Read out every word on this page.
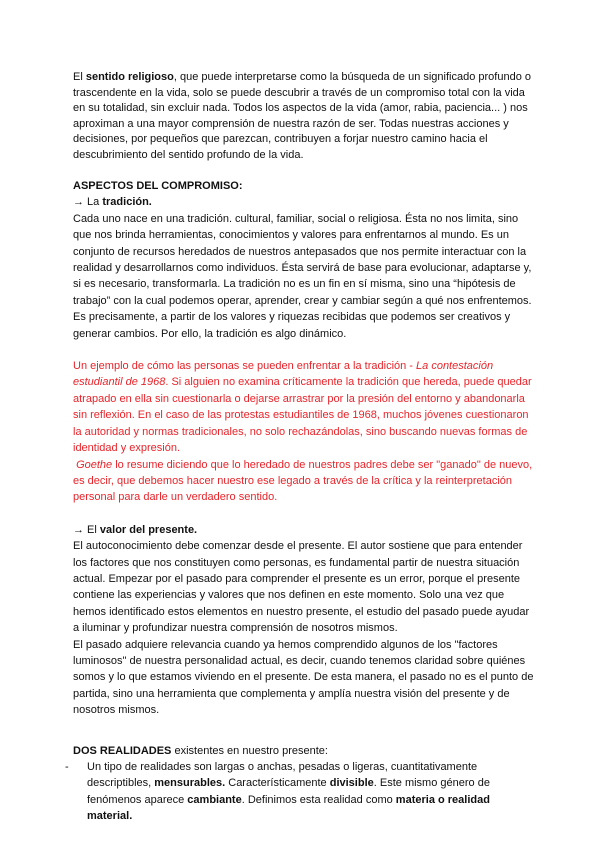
El sentido religioso, que puede interpretarse como la búsqueda de un significado profundo o trascendente en la vida, solo se puede descubrir a través de un compromiso total con la vida en su totalidad, sin excluir nada. Todos los aspectos de la vida (amor, rabia, paciencia... ) nos aproximan a una mayor comprensión de nuestra razón de ser. Todas nuestras acciones y decisiones, por pequeños que parezcan, contribuyen a forjar nuestro camino hacia el descubrimiento del sentido profundo de la vida.

ASPECTOS DEL COMPROMISO:
→ La tradición.

Cada uno nace en una tradición. cultural, familiar, social o religiosa. Ésta no nos limita, sino que nos brinda herramientas, conocimientos y valores para enfrentarnos al mundo. Es un conjunto de recursos heredados de nuestros antepasados que nos permite interactuar con la realidad y desarrollarnos como individuos. Ésta servirá de base para evolucionar, adaptarse y, si es necesario, transformarla. La tradición no es un fin en sí misma, sino una “hipótesis de trabajo” con la cual podemos operar, aprender, crear y cambiar según a qué nos enfrentemos. Es precisamente, a partir de los valores y riquezas recibidas que podemos ser creativos y generar cambios. Por ello, la tradición es algo dinámico.

Un ejemplo de cómo las personas se pueden enfrentar a la tradición - La contestación estudiantil de 1968. Si alguien no examina críticamente la tradición que hereda, puede quedar atrapado en ella sin cuestionarla o dejarse arrastrar por la presión del entorno y abandonarla sin reflexión. En el caso de las protestas estudiantiles de 1968, muchos jóvenes cuestionaron la autoridad y normas tradicionales, no solo rechazándolas, sino buscando nuevas formas de identidad y expresión.
Goethe lo resume diciendo que lo heredado de nuestros padres debe ser "ganado" de nuevo, es decir, que debemos hacer nuestro ese legado a través de la crítica y la reinterpretación personal para darle un verdadero sentido.

→ El valor del presente.

El autoconocimiento debe comenzar desde el presente. El autor sostiene que para entender los factores que nos constituyen como personas, es fundamental partir de nuestra situación actual. Empezar por el pasado para comprender el presente es un error, porque el presente contiene las experiencias y valores que nos definen en este momento. Solo una vez que hemos identificado estos elementos en nuestro presente, el estudio del pasado puede ayudar a iluminar y profundizar nuestra comprensión de nosotros mismos.

El pasado adquiere relevancia cuando ya hemos comprendido algunos de los "factores luminosos" de nuestra personalidad actual, es decir, cuando tenemos claridad sobre quiénes somos y lo que estamos viviendo en el presente. De esta manera, el pasado no es el punto de partida, sino una herramienta que complementa y amplía nuestra visión del presente y de nosotros mismos.

DOS REALIDADES existentes en nuestro presente:
- Un tipo de realidades son largas o anchas, pesadas o ligeras, cuantitativamente descriptibles, mensurables. Característicamente divisible. Este mismo género de fenómenos aparece cambiante. Definimos esta realidad como materia o realidad material.
